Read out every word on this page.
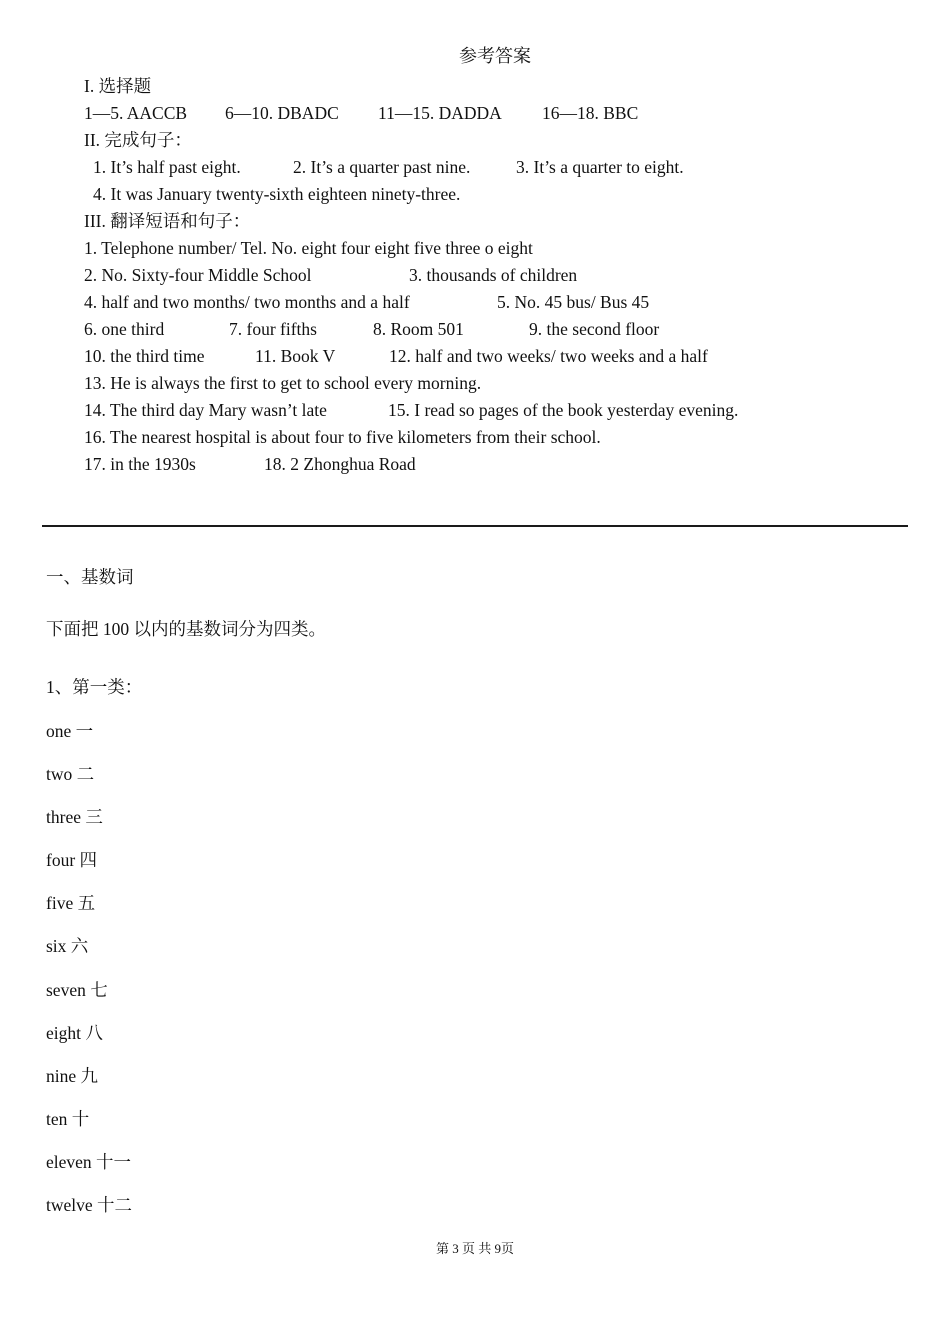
参考答案
I. 选择题
1—5. AACCB 6—10. DBADC 11—15. DADDA 16—18. BBC
II. 完成句子：
1. It’s half past eight.	2. It’s a quarter past nine.	3. It’s a quarter to eight.
4. It was January twenty-sixth eighteen ninety-three.
III. 翻译短语和句子：
1. Telephone number/ Tel. No. eight four eight five three o eight
2. No. Sixty-four Middle School	3. thousands of children
4. half and two months/ two months and a half	5. No. 45 bus/ Bus 45
6. one third	7. four fifths	8. Room 501	9. the second floor
10. the third time	11. Book V	12. half and two weeks/ two weeks and a half
13. He is always the first to get to school every morning.
14. The third day Mary wasn’t late	15. I read so pages of the book yesterday evening.
16. The nearest hospital is about four to five kilometers from their school.
17. in the 1930s	18. 2 Zhonghua Road
一、基数词
下面把 100 以内的基数词分为四类。
1、第一类：
one 一
two 二
three 三
four 四
five 五
six 六
seven 七
eight 八
nine 九
ten 十
eleven 十一
twelve 十二
第 3 页 共 9页
